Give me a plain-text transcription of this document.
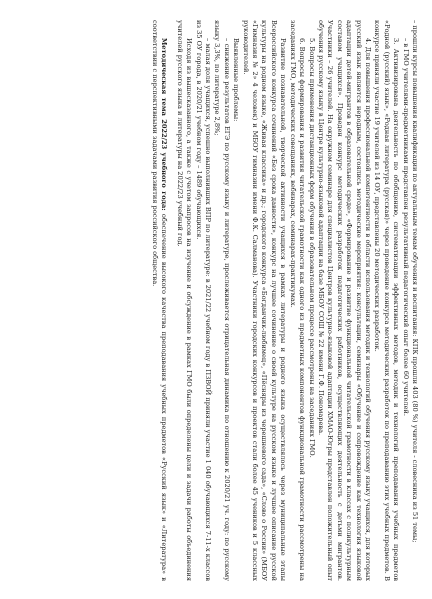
– прошли курсы повышения квалификации по актуальным темам обучения и воспитания: КПК прошли 403 (80 %) учителя - словесника из 51 темы;

– в ГМО учителями-предметниками представлен результативный педагогический опыт более 60 учителей.

3. Активизирована деятельность по обобщению, систематизации эффективных методов, методик и технологий преподавания учебных предметов «Родной (русский) язык», «Родная литература (русская)» через проведение конкурса методических разработок по преподаванию этих учебных предметов. В конкурсе приняли участие 19 учителей из 14 ОУ, представлены 20 методических разработок.

4. Для повышения профессиональной компетентности в области использования методик и технологий обучения русскому языку учащихся, для которых русский язык является неродным, состоялись методические мероприятия: консультации, семинары «Обучение и сопровождение как технология языковой адаптации детей-мигрантов в образовательной среде», «Формирование и развитие функциональной читательской грамотности в классах с поликультурным составом учащихся». Проведен конкурс методических разработок педагогических работников, осуществляющих деятельность с детьми мигрантов. Участники – 26 учителей. На окружном семинаре для специалистов Центров культурно-языковой адаптации ХМАО-Югры представлен положительный опыт обучения русскому языку в Центре культурно-языковой адаптации на базе МБОУ СОШ № 22 имени Г.Ф. Пономарева.

5. Вопросы применения дистанционных форм обучения в образовательном процессе рассмотрены на заседаниях ГМО.

6. Вопросы формирования и развития читательской грамотности как одного из предметных компонентов функциональной грамотности рассмотрены на заседаниях ГМО, методических совещаниях, вебинарах, семинарах-практикумах.

Развитие познавательной, творческой активности учащихся в рамках литературы и родного языка осуществлялось через муниципальные этапы Всероссийского конкурса сочинений «Без срока давности», конкурс на лучшее сочинение о своей культуре на русском языке и лучшее описание русской культуры на родном языке, «Живая классика» и др.; городского конкурса «Богданчик-любимец», «Пёсняры из черешневого сада», «Слово о России» (МБОУ «Гимназия № 2» 4 человек) и МБОУ гимназии имени Ф.К. Салманова). Участники городских конкурсов и проектов стали более 45 учеников и 5 классных руководителей.

Выявленные проблемы:

– снижение результатов ЕГЭ по русскому языку и литературе, прослеживается отрицательная динамика по отношению к 2020/21 уч. году: по русскому языку 3,3%, по литературе 2,8%;

– малая доля учащихся, успешно выполнивших ВПР по литературе: в 2021/22 учебном году в ПЗВОЙ приняли участие 1 040 обучающихся 7-11-х классов из 35 ОУ города, в 2020/21 учебном году – 1489 обучающихся.

Исходя из вышесказанного, а также с учетом запросов на изучение и обсуждение в рамках ГМО были определены цели и задачи работы объединения учителей русского языка и литературы на 2022/23 учебный год.

Методическая тема 2022/23 учебного года: обеспечение высокого качества преподавания учебных предметов «Русский язык» и «Литература» в соответствии с перспективными задачами развития российского общества.
